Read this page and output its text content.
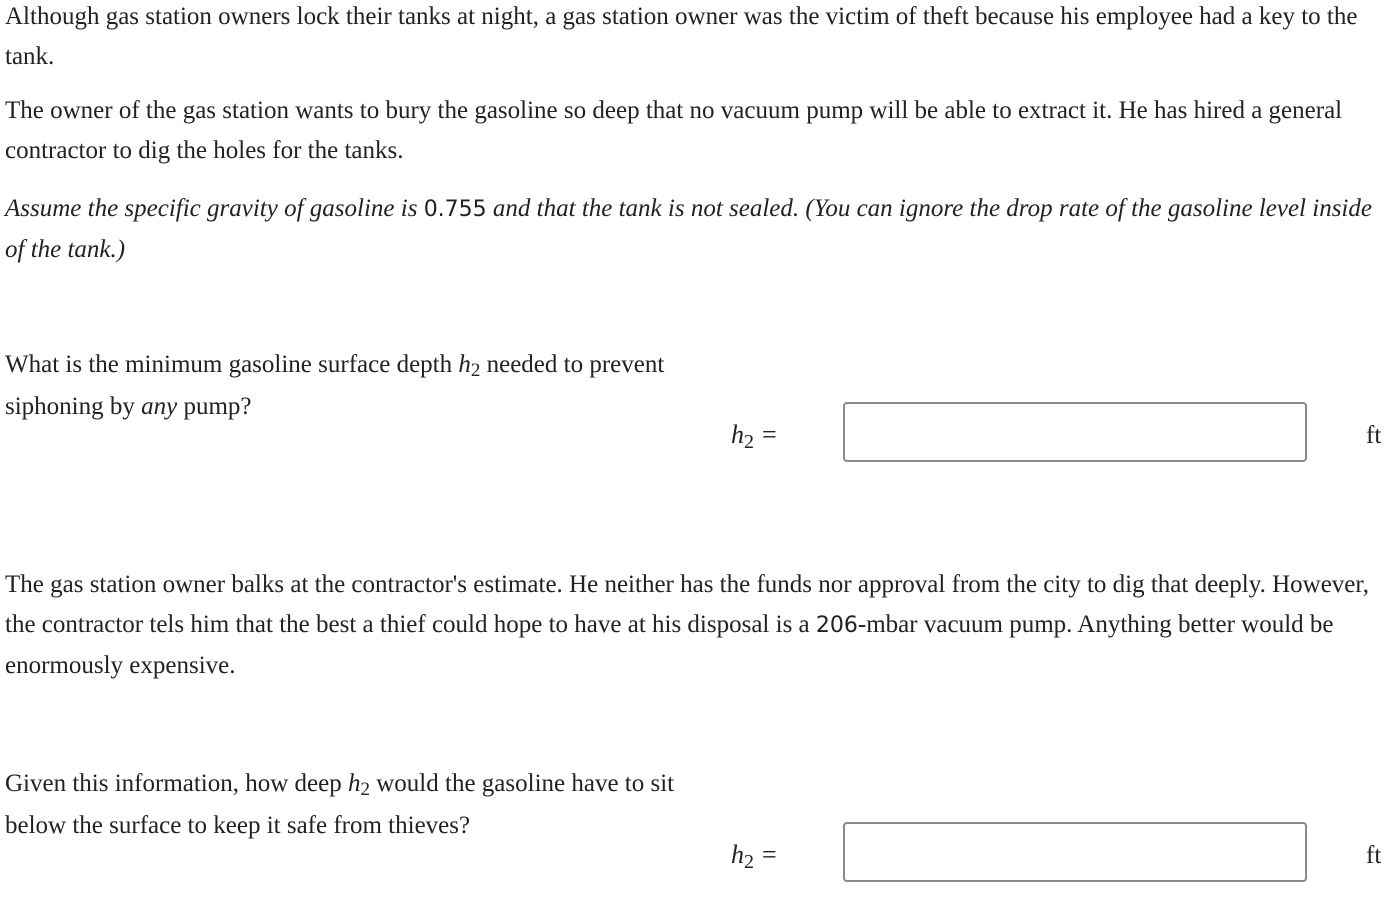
Although gas station owners lock their tanks at night, a gas station owner was the victim of theft because his employee had a key to the tank.

The owner of the gas station wants to bury the gasoline so deep that no vacuum pump will be able to extract it. He has hired a general contractor to dig the holes for the tanks.

Assume the specific gravity of gasoline is 0.755 and that the tank is not sealed. (You can ignore the drop rate of the gasoline level inside of the tank.)

What is the minimum gasoline surface depth h2 needed to prevent siphoning by any pump?
h2 =	ft

The gas station owner balks at the contractor's estimate. He neither has the funds nor approval from the city to dig that deeply. However, the contractor tels him that the best a thief could hope to have at his disposal is a 206-mbar vacuum pump. Anything better would be enormously expensive.

Given this information, how deep h2 would the gasoline have to sit below the surface to keep it safe from thieves?
h2 =	ft
